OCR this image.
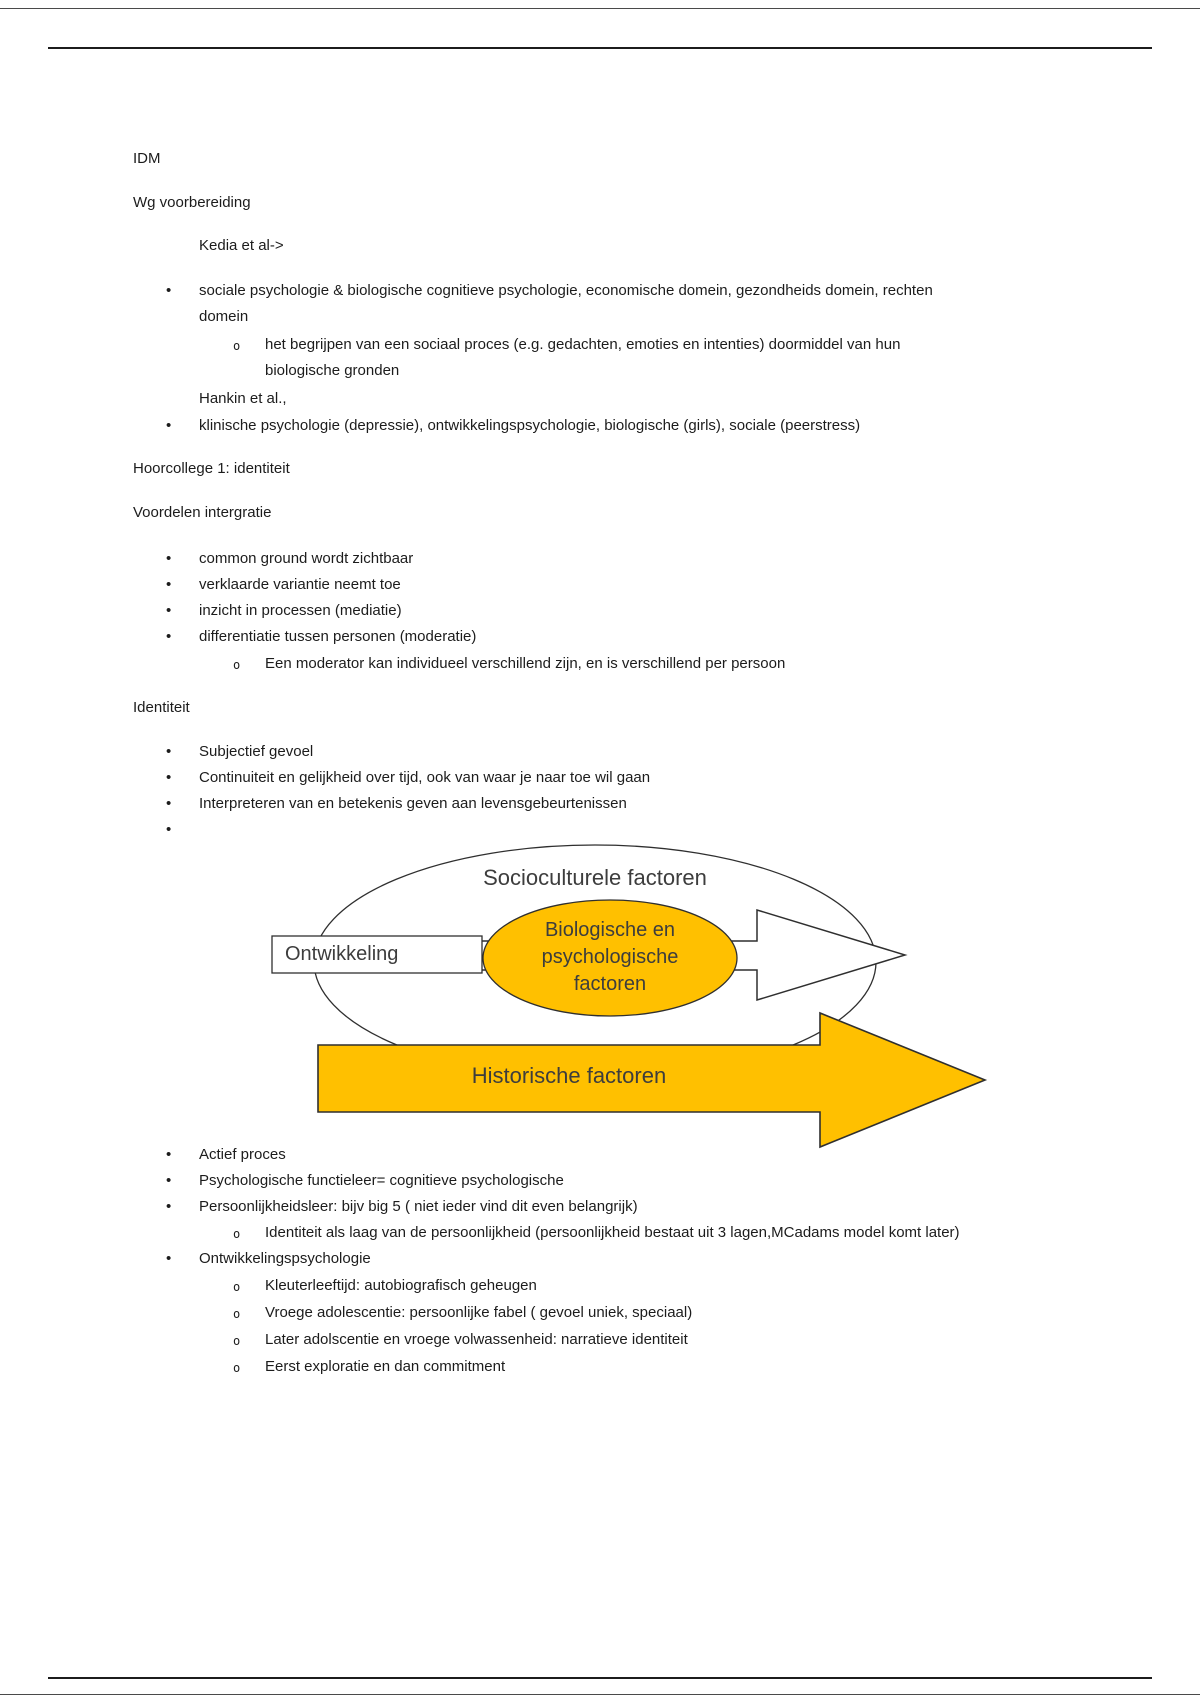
IDM

Wg voorbereiding

Kedia et al->

• sociale psychologie & biologische cognitieve psychologie, economische domein, gezondheids domein, rechten domein
o het begrijpen van een sociaal proces (e.g. gedachten, emoties en intenties) doormiddel van hun biologische gronden

Hankin et al.,

• klinische psychologie (depressie), ontwikkelingspsychologie, biologische (girls), sociale (peerstress)

Hoorcollege 1: identiteit

Voordelen intergratie

• common ground wordt zichtbaar
• verklaarde variantie neemt toe
• inzicht in processen (mediatie)
• differentiatie tussen personen (moderatie)
o Een moderator kan individueel verschillend zijn, en is verschillend per persoon

Identiteit

• Subjectief gevoel
• Continuiteit en gelijkheid over tijd, ook van waar je naar toe wil gaan
• Interpreteren van en betekenis geven aan levensgebeurtenissen
•
Socioculturele factoren
Ontwikkeling
Biologische en psychologische factoren
Historische factoren
• Actief proces
• Psychologische functieleer= cognitieve psychologische
• Persoonlijkheidsleer: bijv big 5 ( niet ieder vind dit even belangrijk)
o Identiteit als laag van de persoonlijkheid (persoonlijkheid bestaat uit 3 lagen,MCadams model komt later)
• Ontwikkelingspsychologie
o Kleuterleeftijd: autobiografisch geheugen
o Vroege adolescentie: persoonlijke fabel ( gevoel uniek, speciaal)
o Later adolscentie en vroege volwassenheid: narratieve identiteit
o Eerst exploratie en dan commitment
